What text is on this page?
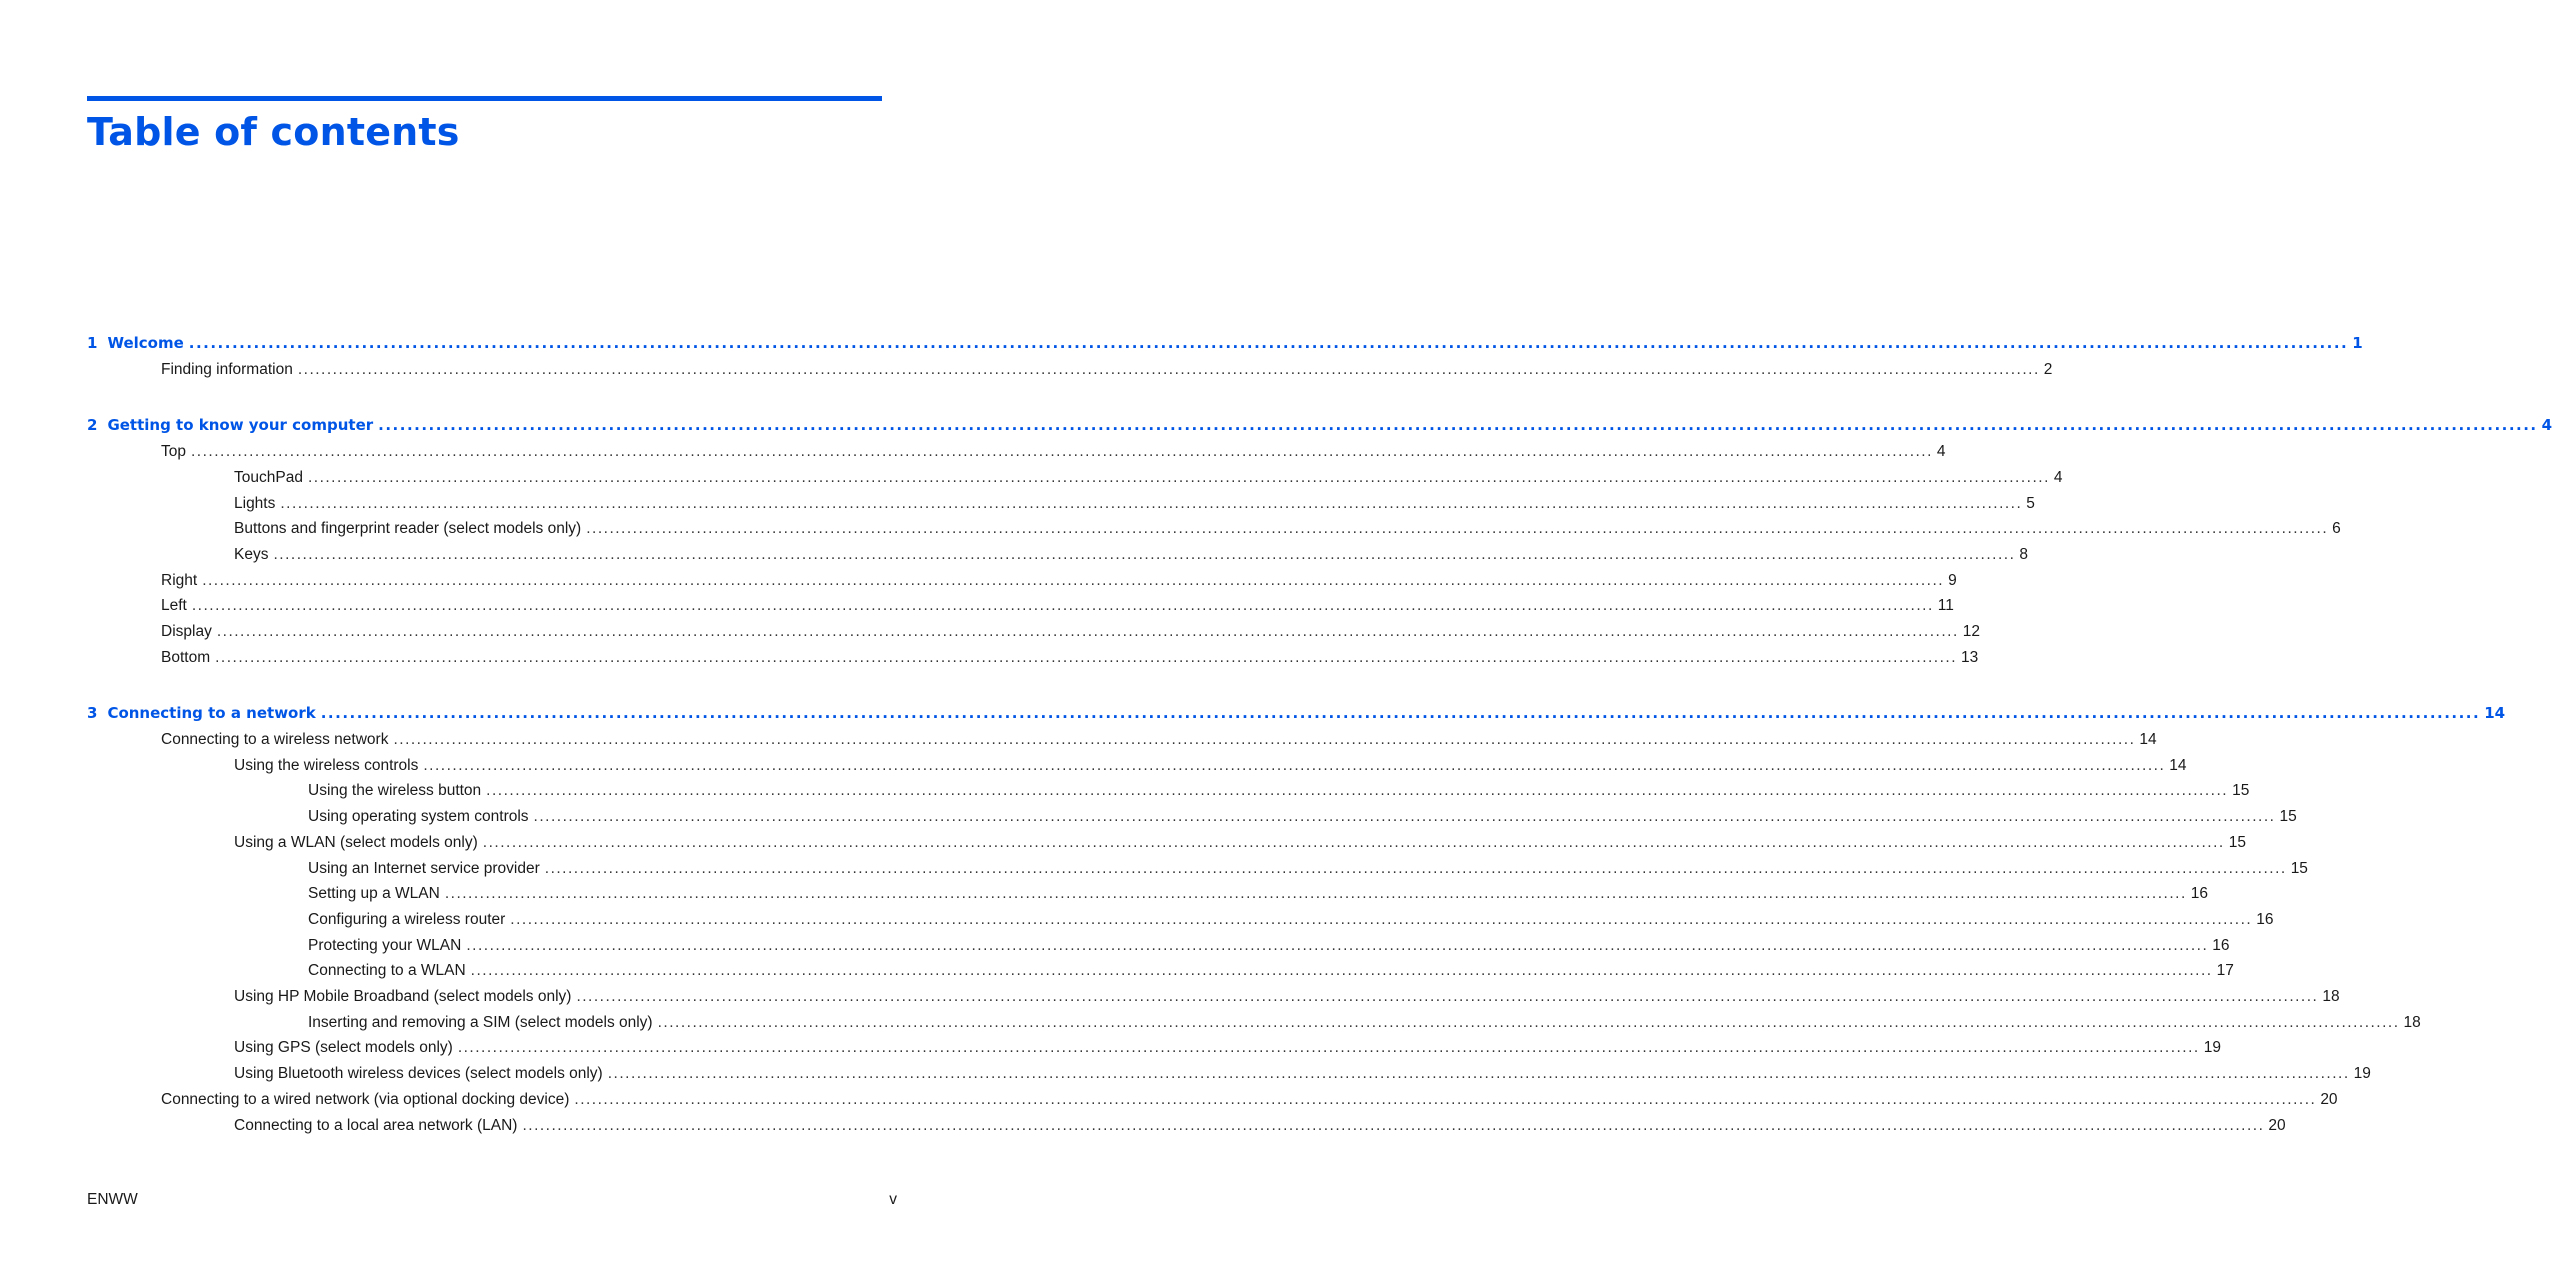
Table of contents
1 Welcome ............................................................................................................................................................................................................................................................................................................ 1
Finding information ............................................................................................................................................................................................................................................................................................................ 2
2 Getting to know your computer ............................................................................................................................................................................................................................................................................................................ 4
Top ............................................................................................................................................................................................................................................................................................................ 4
TouchPad ............................................................................................................................................................................................................................................................................................................ 4
Lights ............................................................................................................................................................................................................................................................................................................ 5
Buttons and fingerprint reader (select models only) ............................................................................................................................................................................................................................................................................................................ 6
Keys ............................................................................................................................................................................................................................................................................................................ 8
Right ............................................................................................................................................................................................................................................................................................................ 9
Left ............................................................................................................................................................................................................................................................................................................ 11
Display ............................................................................................................................................................................................................................................................................................................ 12
Bottom ............................................................................................................................................................................................................................................................................................................ 13
3 Connecting to a network ............................................................................................................................................................................................................................................................................................................ 14
Connecting to a wireless network ............................................................................................................................................................................................................................................................................................................ 14
Using the wireless controls ............................................................................................................................................................................................................................................................................................................ 14
Using the wireless button ............................................................................................................................................................................................................................................................................................................ 15
Using operating system controls ............................................................................................................................................................................................................................................................................................................ 15
Using a WLAN (select models only) ............................................................................................................................................................................................................................................................................................................ 15
Using an Internet service provider ............................................................................................................................................................................................................................................................................................................ 15
Setting up a WLAN ............................................................................................................................................................................................................................................................................................................ 16
Configuring a wireless router ............................................................................................................................................................................................................................................................................................................ 16
Protecting your WLAN ............................................................................................................................................................................................................................................................................................................ 16
Connecting to a WLAN ............................................................................................................................................................................................................................................................................................................ 17
Using HP Mobile Broadband (select models only) ............................................................................................................................................................................................................................................................................................................ 18
Inserting and removing a SIM (select models only) ............................................................................................................................................................................................................................................................................................................ 18
Using GPS (select models only) ............................................................................................................................................................................................................................................................................................................ 19
Using Bluetooth wireless devices (select models only) ............................................................................................................................................................................................................................................................................................................ 19
Connecting to a wired network (via optional docking device) ............................................................................................................................................................................................................................................................................................................ 20
Connecting to a local area network (LAN) ............................................................................................................................................................................................................................................................................................................ 20
ENWW	v
